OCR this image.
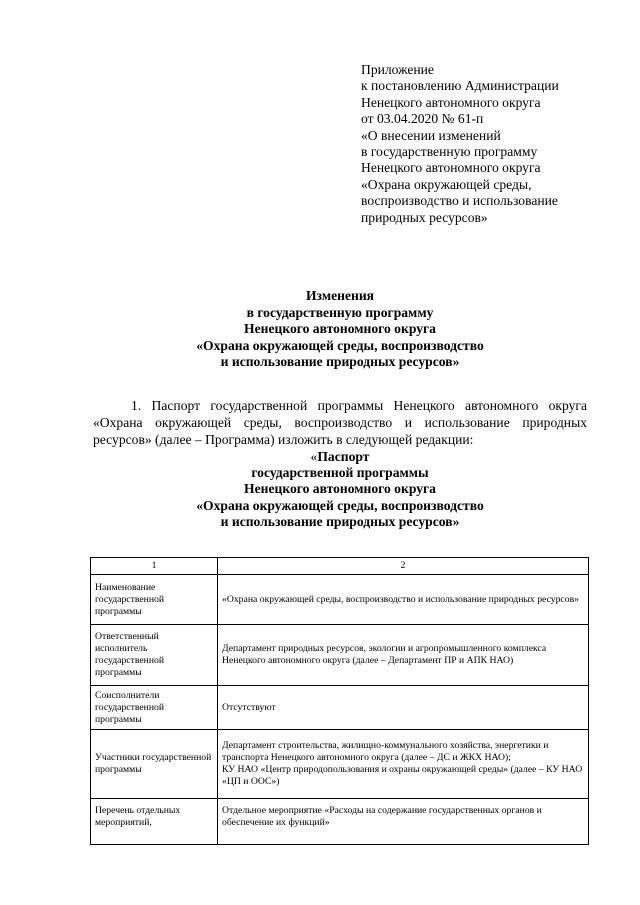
Приложение
к постановлению Администрации
Ненецкого автономного округа
от 03.04.2020 № 61-п
«О внесении изменений
в государственную программу
Ненецкого автономного округа
«Охрана окружающей среды,
воспроизводство и использование
природных ресурсов»
Изменения
в государственную программу
Ненецкого автономного округа
«Охрана окружающей среды, воспроизводство
и использование природных ресурсов»
1. Паспорт государственной программы Ненецкого автономного округа «Охрана окружающей среды, воспроизводство и использование природных ресурсов» (далее – Программа) изложить в следующей редакции:
«Паспорт
государственной программы
Ненецкого автономного округа
«Охрана окружающей среды, воспроизводство
и использование природных ресурсов»
1	2
Наименование государственной программы	«Охрана окружающей среды, воспроизводство и использование природных ресурсов»
Ответственный исполнитель государственной программы	Департамент природных ресурсов, экологии и агропромышленного комплекса Ненецкого автономного округа (далее – Департамент ПР и АПК НАО)
Соисполнители государственной программы	Отсутствуют
Участники государственной программы	Департамент строительства, жилищно-коммунального хозяйства, энергетики и транспорта Ненецкого автономного округа (далее – ДС и ЖКХ НАО);
КУ НАО «Центр природопользования и охраны окружающей среды» (далее – КУ НАО «ЦП и ООС»)

Перечень отдельных мероприятий,	Отдельное мероприятие «Расходы на содержание государственных органов и обеспечение их функций»
